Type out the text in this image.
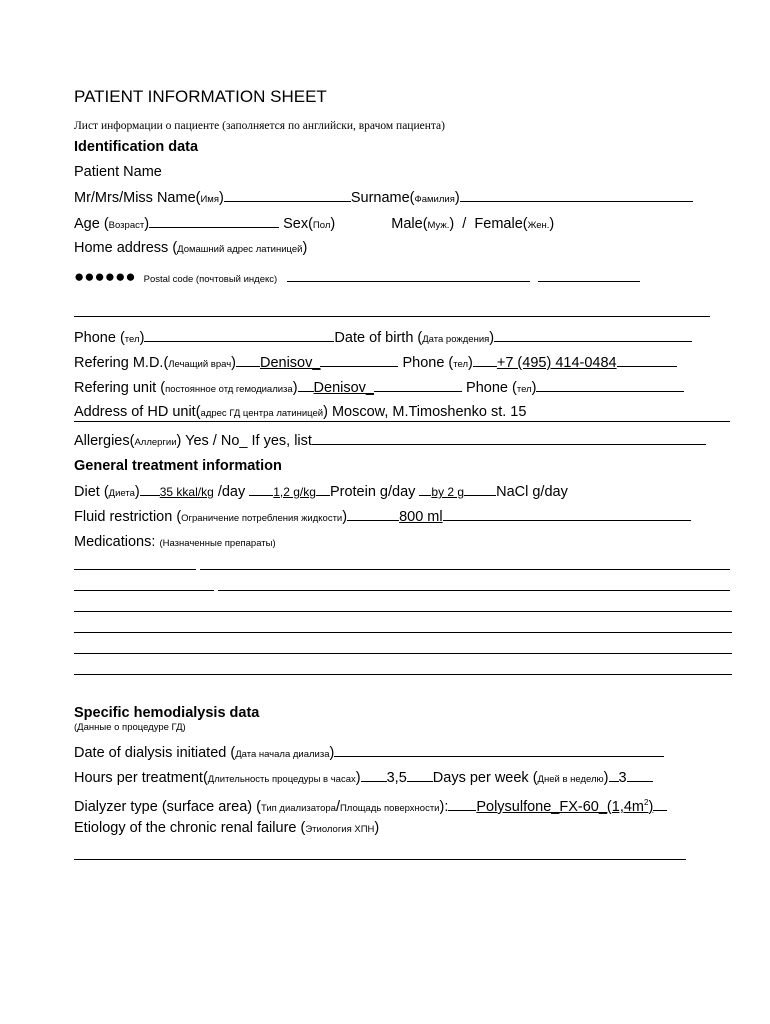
PATIENT INFORMATION SHEET
Лист информации о пациенте (заполняется по английски, врачом пациента)
Identification data
Patient Name
Mr/Mrs/Miss Name(Имя)	Surname(Фамилия)
Age (Возраст)	Sex(Пол)	Male(Муж.)  /  Female(Жен.)
Home address (Домашний адрес латиницей)
●●●●●● Postal code (почтовый индекс)
Phone (тел)	Date of birth (Дата рождения)
Refering M.D.(Лечащий врач) Denisov_	Phone (тел) +7 (495) 414-0484
Refering unit (постоянное отд гемодиализа) Denisov_	Phone (тел)
Address of HD unit(адрес ГД центра латиницей) Moscow, M.Timoshenko st. 15
Allergies(Аллергии) Yes / No_ If yes, list
General treatment information
Diet (Диета) 35 kkal/kg /day 1,2 g/kg Protein g/day by 2 g NaCl g/day
Fluid restriction (Ограничение потребления жидкости)	800 ml
Medications: (Назначенные препараты)
Specific hemodialysis data
(Данные о процедуре ГД)
Date of dialysis initiated (Дата начала диализа)
Hours per treatment(Длительность процедуры в часах) 3,5 Days per week (Дней в неделю) 3
Dialyzer type (surface area) (Тип диализатора/Площадь поверхности): $Polysulfone\_FX-60\_(1,4m^2)$
Etiology of the chronic renal failure (Этиология ХПН)
